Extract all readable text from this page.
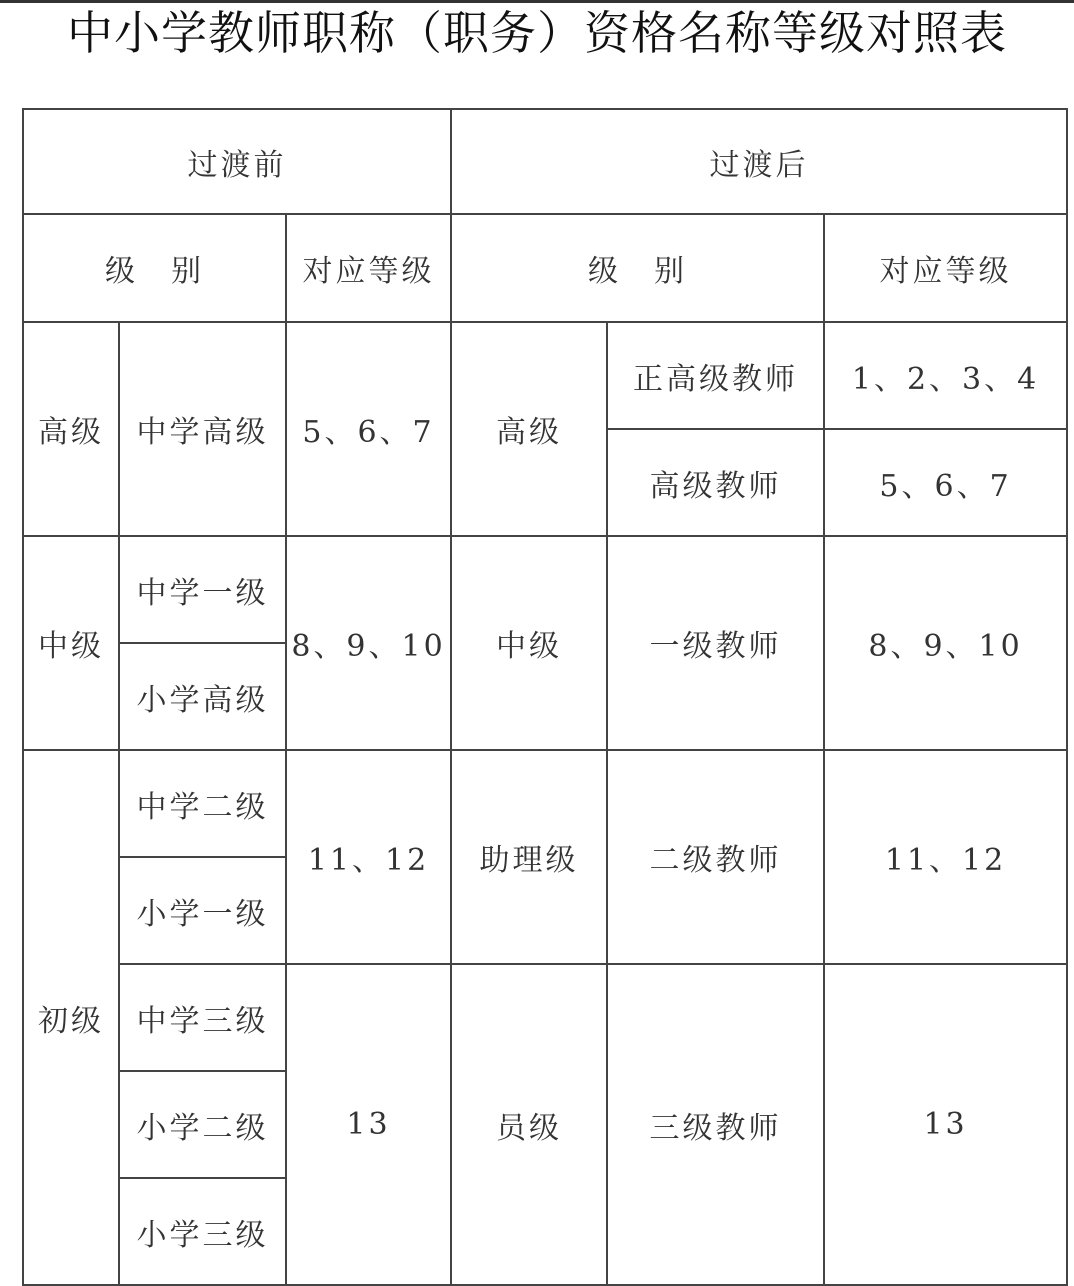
中小学教师职称（职务）资格名称等级对照表
过渡前			过渡后		
级　别		对应等级	级　别		对应等级
高级	中学高级	5、6、7	高级	正高级教师	1、2、3、4
				高级教师	5、6、7
中级	中学一级	8、9、10	中级	一级教师	8、9、10
	小学高级				
初级	中学二级	11、12	助理级	二级教师	11、12
	小学一级				
	中学三级	13	员级	三级教师	13
	小学二级				
	小学三级				
